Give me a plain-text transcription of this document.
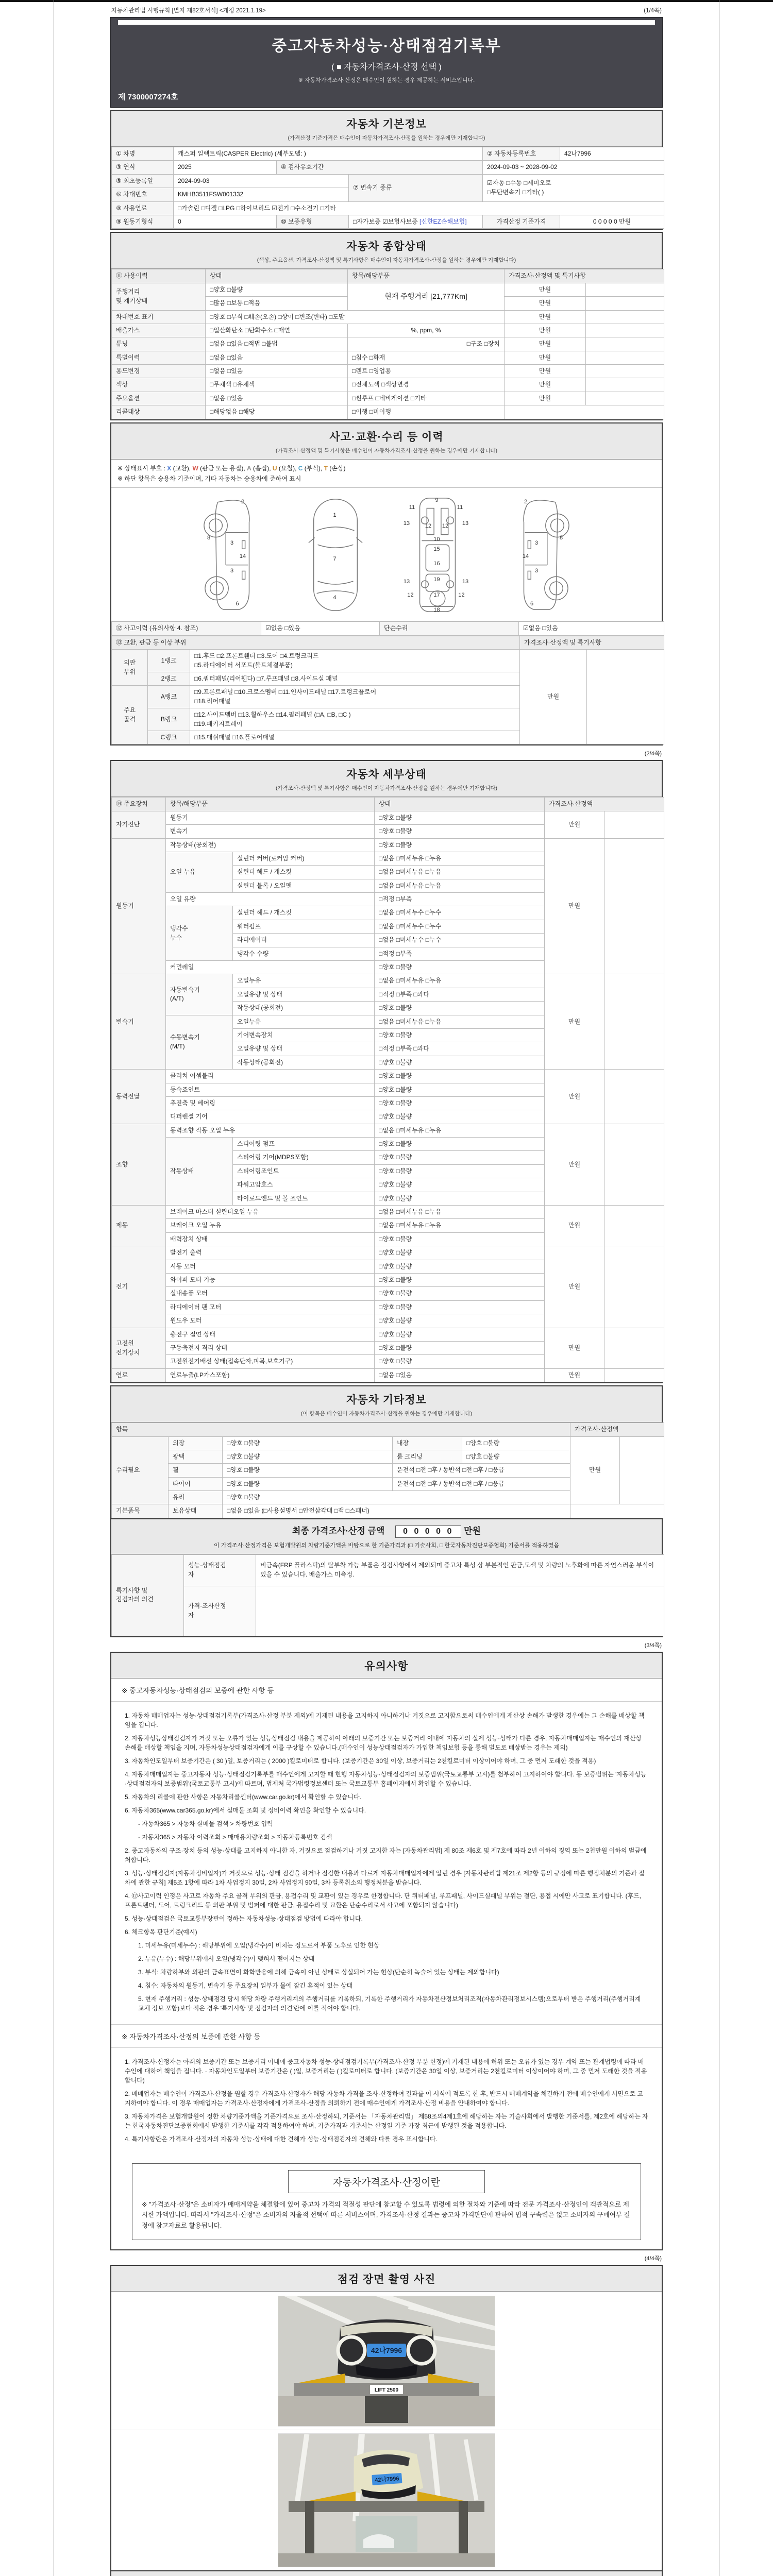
자동차관리법 시행규칙 [별지 제82호서식] <개정 2021.1.19>	(1/4쪽)
중고자동차성능·상태점검기록부
( ■ 자동차가격조사·산정 선택 )
※ 자동차가격조사·산정은 매수인이 원하는 경우 제공하는 서비스입니다.
제 7300007274호
자동차 기본정보

(가격산정 기준가격은 매수인이 자동차가격조사·산정을 원하는 경우에만 기재합니다)

① 차명	캐스퍼 일렉트릭(CASPER Electric) (세부모델: )			② 자동차등록번호	42나7996
③ 연식	2025	④ 검사유효기간		2024-09-03 ~ 2028-09-02	
⑤ 최초등록일	2024-09-03		⑦ 변속기 종류	☑자동 □수동 □세미오토
□무단변속기 □기타( )	
⑥ 차대번호	KMHB3511FSW001332				
⑧ 사용연료	□가솔린 □디젤 □LPG □하이브리드 ☑전기 □수소전기 □기타				
⑨ 원동기형식	0	⑩ 보증유형	□자가보증 ☑보험사보증 [신한EZ손해보험]	가격산정 기준가격	0 0 0 0 0 만원
자동차 종합상태

(색상, 주요옵션, 가격조사·산정액 및 특기사항은 매수인이 자동차가격조사·산정을 원하는 경우에만 기재합니다)

⑪ 사용이력	상태	항목/해당부품	가격조사·산정액 및 특기사항	
주행거리
및 계기상태	□양호 □불량	현재 주행거리 [21,777Km]	만원	
	□많음 □보통 □적음		만원	
차대번호 표기	□양호 □부식 □훼손(오손) □상이 □변조(변타) □도말		만원	
배출가스	□일산화탄소 □탄화수소 □매연	%, ppm, %	만원	
튜닝	□없음 □있음 □적법 □불법	□구조 □장치	만원	
특별이력	□없음 □있음	□침수 □화재	만원	
용도변경	□없음 □있음	□렌트 □영업용	만원	
색상	□무채색 □유채색	□전체도색 □색상변경	만원	
주요옵션	□없음 □있음	□썬루프 □네비게이션 □기타	만원	
리콜대상	□해당없음 □해당	□이행 □미이행		
사고·교환·수리 등 이력

(가격조사·산정액 및 특기사항은 매수인이 자동차가격조사·산정을 원하는 경우에만 기재합니다)

※ 상태표시 부호 : X (교환), W (판금 또는 용접), A (흠집), U (요철), C (부식), T (손상)
※ 하단 항목은 승용차 기준이며, 기타 자동차는 승용차에 준하여 표시
2
8
3
14
3
6
1
7
4
9
11	11
13	12 12 13
10
15
16
19
13	13
12	17	12
18
2
8
3
14
3
6
⑫ 사고이력 (유의사항 4. 참조)	☑없음 □있음	단순수리	☑없음 □있음
⑬ 교환, 판금 등 이상 부위			가격조사·산정액 및 특기사항	
외판
부위	1랭크	□1.후드 □2.프론트휀더 □3.도어 □4.트렁크리드
□5.라디에이터 서포트(볼트체결부품)	만원	
	2랭크	□6.쿼터패널(리어휀다) □7.루프패널 □8.사이드실 패널		
주요
골격	A랭크	□9.프론트패널 □10.크로스멤버 □11.인사이드패널 □17.트렁크플로어
□18.리어패널		
	B랭크	□12.사이드멤버 □13.휠하우스 □14.필러패널 (□A, □B, □C )
□19.패키지트레이		
	C랭크	□15.대쉬패널 □16.플로어패널		
(2/4쪽)
자동차 세부상태

(가격조사·산정액 및 특기사항은 매수인이 자동차가격조사·산정을 원하는 경우에만 기재합니다)

⑭ 주요장치	항목/해당부품		상태	가격조사·산정액	
자기진단	원동기		□양호 □불량	만원	
	변속기		□양호 □불량		
원동기	작동상태(공회전)		□양호 □불량	만원	
	오일 누유	실린더 커버(로커암 커버)	□없음 □미세누유 □누유		
		실린더 헤드 / 개스킷	□없음 □미세누유 □누유		
		실린더 블록 / 오일팬	□없음 □미세누유 □누유		
	오일 유량		□적정 □부족		
	냉각수
누수	실린더 헤드 / 개스킷	□없음 □미세누수 □누수		
		워터펌프	□없음 □미세누수 □누수		
		라디에이터	□없음 □미세누수 □누수		
		냉각수 수량	□적정 □부족		
	커먼레일		□양호 □불량		
변속기	자동변속기
(A/T)	오일누유	□없음 □미세누유 □누유	만원	
		오일유량 및 상태	□적정 □부족 □과다		
		작동상태(공회전)	□양호 □불량		
	수동변속기
(M/T)	오일누유	□없음 □미세누유 □누유		
		기어변속장치	□양호 □불량		
		오일유량 및 상태	□적정 □부족 □과다		
		작동상태(공회전)	□양호 □불량		
동력전달	클러치 어셈블리		□양호 □불량	만원	
	등속죠인트		□양호 □불량		
	추진축 및 베어링		□양호 □불량		
	디퍼렌셜 기어		□양호 □불량		
조향	동력조향 작동 오일 누유		□없음 □미세누유 □누유	만원	
	작동상태	스티어링 펌프	□양호 □불량		
		스티어링 기어(MDPS포함)	□양호 □불량		
		스티어링조인트	□양호 □불량		
		파워고압호스	□양호 □불량		
		타이로드엔드 및 볼 조인트	□양호 □불량		
제동	브레이크 마스터 실린더오일 누유		□없음 □미세누유 □누유	만원	
	브레이크 오일 누유		□없음 □미세누유 □누유		
	배력장치 상태		□양호 □불량		
전기	발전기 출력		□양호 □불량	만원	
	시동 모터		□양호 □불량		
	와이퍼 모터 기능		□양호 □불량		
	실내송풍 모터		□양호 □불량		
	라디에이터 팬 모터		□양호 □불량		
	윈도우 모터		□양호 □불량		
고전원
전기장치	충전구 절연 상태		□양호 □불량	만원	
	구동축전지 격리 상태		□양호 □불량		
	고전원전기배선 상태(접속단자,피복,보호기구)		□양호 □불량		
연료	연료누출(LP가스포함)		□없음 □있음	만원	
자동차 기타정보

(이 항목은 매수인이 자동차가격조사·산정을 원하는 경우에만 기재합니다)

항목					가격조사·산정액	
수리필요	외장	□양호 □불량	내장	□양호 □불량	만원	
	광택	□양호 □불량	룸 크리닝	□양호 □불량		
	휠	□양호 □불량	운전석 □전 □후 / 동반석 □전 □후 / □응급			
	타이어	□양호 □불량	운전석 □전 □후 / 동반석 □전 □후 / □응급			
	유리	□양호 □불량				
기본품목	보유상태	□없음 □있음 (□사용설명서 □안전삼각대 □잭 □스패너)				
최종 가격조사·산정 금액 0 0 0 0 0 만원
이 가격조사·산정가격은 보험개발원의 차량기준가액을 바탕으로 한 기준가격과 (□ 기술사회, □ 한국자동차진단보증협회) 기준서를 적용하였음
특기사항 및
점검자의 의견	성능·상태점검
자	비금속(FRP 플라스틱)의 탈부착 가능 부품은 점검사항에서 제외되며 중고차 특성 상 부분적인 판금,도색 및 차량의 노후화에 따른 자연스러운 부식이 있을 수 있습니다. 배출가스 미측정.
	가격·조사산정
자	
(3/4쪽)
유의사항
※ 중고자동차성능·상태점검의 보증에 관한 사항 등
1. 자동차 매매업자는 성능·상태점검기록부(가격조사·산정 부분 제외)에 기재된 내용을 고지하지 아니하거나 거짓으로 고지함으로써 매수인에게 재산상 손해가 발생한 경우에는 그 손해를 배상할 책임을 집니다.
2. 자동차성능상태점검자가 거짓 또는 오류가 있는 성능상태점검 내용을 제공하여 아래의 보증기간 또는 보증거리 이내에 자동차의 실제 성능·상태가 다른 경우, 자동차매매업자는 매수인의 재산상 손해를 배상할 책임을 지며, 자동차성능상태점검자에게 이를 구상할 수 있습니다.(매수인이 성능상태점검자가 가입한 책임보험 등을 통해 별도로 배상받는 경우는 제외)
3. 자동차인도일부터 보증기간은 ( 30 )일, 보증거리는 ( 2000 )킬로미터로 합니다. (보증기간은 30일 이상, 보증거리는 2천킬로미터 이상이어야 하며, 그 중 먼저 도래한 것을 적용)
4. 자동차매매업자는 중고자동차 성능·상태점검기록부를 매수인에게 고지할 때 현행 자동차성능·상태점검자의 보증범위(국토교통부 고시)를 첨부하여 고지하여야 합니다. 동 보증범위는 '자동차성능·상태점검자의 보증범위'(국토교통부 고시)에 따르며, 법제처 국가법령정보센터 또는 국토교통부 홈페이지에서 확인할 수 있습니다.
5. 자동차의 리콜에 관한 사항은 자동차리콜센터(www.car.go.kr)에서 확인할 수 있습니다.
6. 자동차365(www.car365.go.kr)에서 실매물 조회 및 정비이력 확인을 확인할 수 있습니다.
- 자동차365 > 자동차 실매물 검색 > 차량번호 입력
- 자동차365 > 자동차 이력조회 > 매매용차량조회 > 자동차등록번호 검색
2. 중고자동차의 구조·장치 등의 성능·상태를 고지하지 아니한 자, 거짓으로 점검하거나 거짓 고지한 자는 [자동차관리법] 제 80조 제6호 및 제7호에 따라 2년 이하의 징역 또는 2천만원 이하의 벌금에 처합니다.
3. 성능·상태점검자(자동차정비업자)가 거짓으로 성능·상태 점검을 하거나 점검한 내용과 다르게 자동차매매업자에게 알린 경우 [자동차관리법 제21조 제2항 등의 규정에 따른 행정처분의 기준과 절차에 관한 규칙] 제5조 1항에 따라 1차 사업정지 30일, 2차 사업정지 90일, 3차 등록취소의 행정처분을 받습니다.
4. ⑫사고이력 인정은 사고로 자동차 주요 골격 부위의 판금, 용접수리 및 교환이 있는 경우로 한정합니다. 단 쿼터패널, 루프패널, 사이드실패널 부위는 절단, 용접 시에만 사고로 표기합니다. (후드, 프론트펜더, 도어, 트렁크리드 등 외판 부위 및 범퍼에 대한 판금, 용접수리 및 교환은 단순수리로서 사고에 포함되지 않습니다)
5. 성능·상태점검은 국토교통부장관이 정하는 자동차성능·상태점검 방법에 따라야 합니다.
6. 체크항목 판단기준(예시)
1. 미세누유(미세누수) : 해당부위에 오일(냉각수)이 비치는 정도로서 부품 노후로 인한 현상
2. 누유(누수) : 해당부위에서 오일(냉각수)이 맺혀서 떨어지는 상태
3. 부식: 차량하부와 외판의 금속표면이 화학반응에 의해 금속이 아닌 상태로 상실되어 가는 현상(단순히 녹슬어 있는 상태는 제외합니다)
4. 침수: 자동차의 원동기, 변속기 등 주요장치 일부가 물에 잠긴 흔적이 있는 상태
5. 현재 주행거리 : 성능·상태점검 당시 해당 차량 주행거리계의 주행거리를 기록하되, 기록한 주행거리가 자동차전산정보처리조직(자동차관리정보시스템)으로부터 받은 주행거리(주행거리계 교체 정보 포함)보다 적은 경우 '특기사항 및 점검자의 의견'란에 이를 적어야 합니다.
※ 자동차가격조사·산정의 보증에 관한 사항 등
1. 가격조사·산정자는 아래의 보증기간 또는 보증거리 이내에 중고자동차 성능·상태점검기록부(가격조사·산정 부분 한정)에 기재된 내용에 허위 또는 오류가 있는 경우 계약 또는 관계법령에 따라 매수인에 대하여 책임을 집니다. · 자동차인도일부터 보증기간은 ( )일, 보증거리는 ( )킬로미터로 합니다. (보증기간은 30일 이상, 보증거리는 2천킬로미터 이상이어야 하며, 그 중 먼저 도래한 것을 적용합니다)
2. 매매업자는 매수인이 가격조사·산정을 원할 경우 가격조사·산정자가 해당 자동차 가격을 조사·산정하여 결과를 이 서식에 적도록 한 후, 반드시 매매계약을 체결하기 전에 매수인에게 서면으로 고지하여야 합니다. 이 경우 매매업자는 가격조사·산정자에게 가격조사·산정을 의뢰하기 전에 매수인에게 가격조사·산정 비용을 안내하여야 합니다.
3. 자동차가격은 보험개발원이 정한 차량기준가액을 기준가격으로 조사·산정하되, 기준서는 「자동차관리법」 제58조의4제1호에 해당하는 자는 기술사회에서 발행한 기준서를, 제2호에 해당하는 자는 한국자동차진단보증협회에서 발행한 기준서를 각각 적용하여야 하며, 기준가격과 기준서는 산정일 기준 가장 최근에 발행된 것을 적용합니다.
4. 특기사항란은 가격조사·산정자의 자동차 성능·상태에 대한 견해가 성능·상태점검자의 견해와 다를 경우 표시합니다.
자동차가격조사·산정이란
※ "가격조사·산정"은 소비자가 매매계약을 체결함에 있어 중고차 가격의 적절성 판단에 참고할 수 있도록 법령에 의한 절차와 기준에 따라 전문 가격조사·산정인이 객관적으로 제시한 가액입니다. 따라서 "가격조사·산정"은 소비자의 자율적 선택에 따른 서비스이며, 가격조사·산정 결과는 중고차 가격판단에 관하여 법적 구속력은 없고 소비자의 구매여부 결정에 참고자료로 활용됩니다.
(4/4쪽)
점검 장면 촬영 사진
42나7996
LIFT 2500
42나7996
